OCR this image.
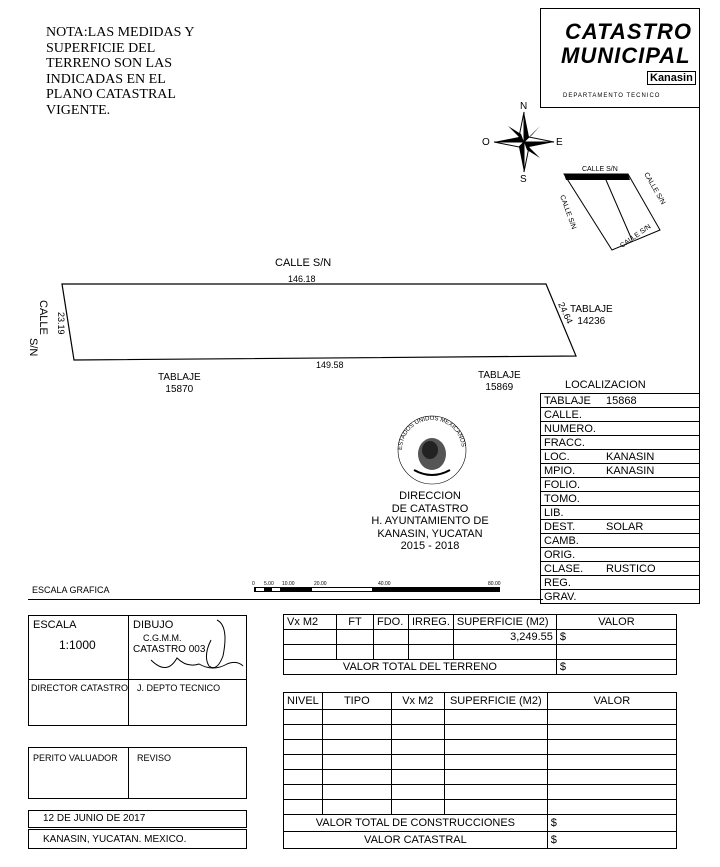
NOTA:LAS MEDIDAS Y
SUPERFICIE DEL
TERRENO SON LAS
INDICADAS EN EL
PLANO CATASTRAL
VIGENTE.
CATASTRO
MUNICIPAL
Kanasin
DEPARTAMENTO TECNICO
N
S
E
O
CALLE S/N
CALLE S/N
CALLE S/N
CALLE S/N
CALLE S/N
146.18
149.58
23.19	24.64
CALLE
S/N
TABLAJE
14236
TABLAJE
15870
TABLAJE
15869
ESTADOS UNIDOS MEXICANOS
DIRECCION
DE CATASTRO
H. AYUNTAMIENTO DE
KANASIN, YUCATAN
2015 - 2018
ESCALA GRAFICA
0 5.00 10.00	20.00	40.00	80.00
LOCALIZACION
TABLAJE 15868
CALLE.
NUMERO.
FRACC.
LOC.	KANASIN
MPIO.	KANASIN
FOLIO.
TOMO.
LIB.
DEST.	SOLAR
CAMB.
ORIG.
CLASE. RUSTICO
REG.
GRAV.
ESCALA
1:1000
DIBUJO
C.G.M.M.
CATASTRO 003
DIRECTOR CATASTRO J. DEPTO TECNICO
PERITO VALUADOR REVISO
12 DE JUNIO DE 2017
KANASIN, YUCATAN. MEXICO.
Vx M2	FT	FDO.	IRREG.	SUPERFICIE (M2)	VALOR
				3,249.55	$

VALOR TOTAL DEL TERRENO					$
NIVEL	TIPO	Vx M2	SUPERFICIE (M2)	VALOR

VALOR TOTAL DE CONSTRUCCIONES				$
VALOR CATASTRAL				$
